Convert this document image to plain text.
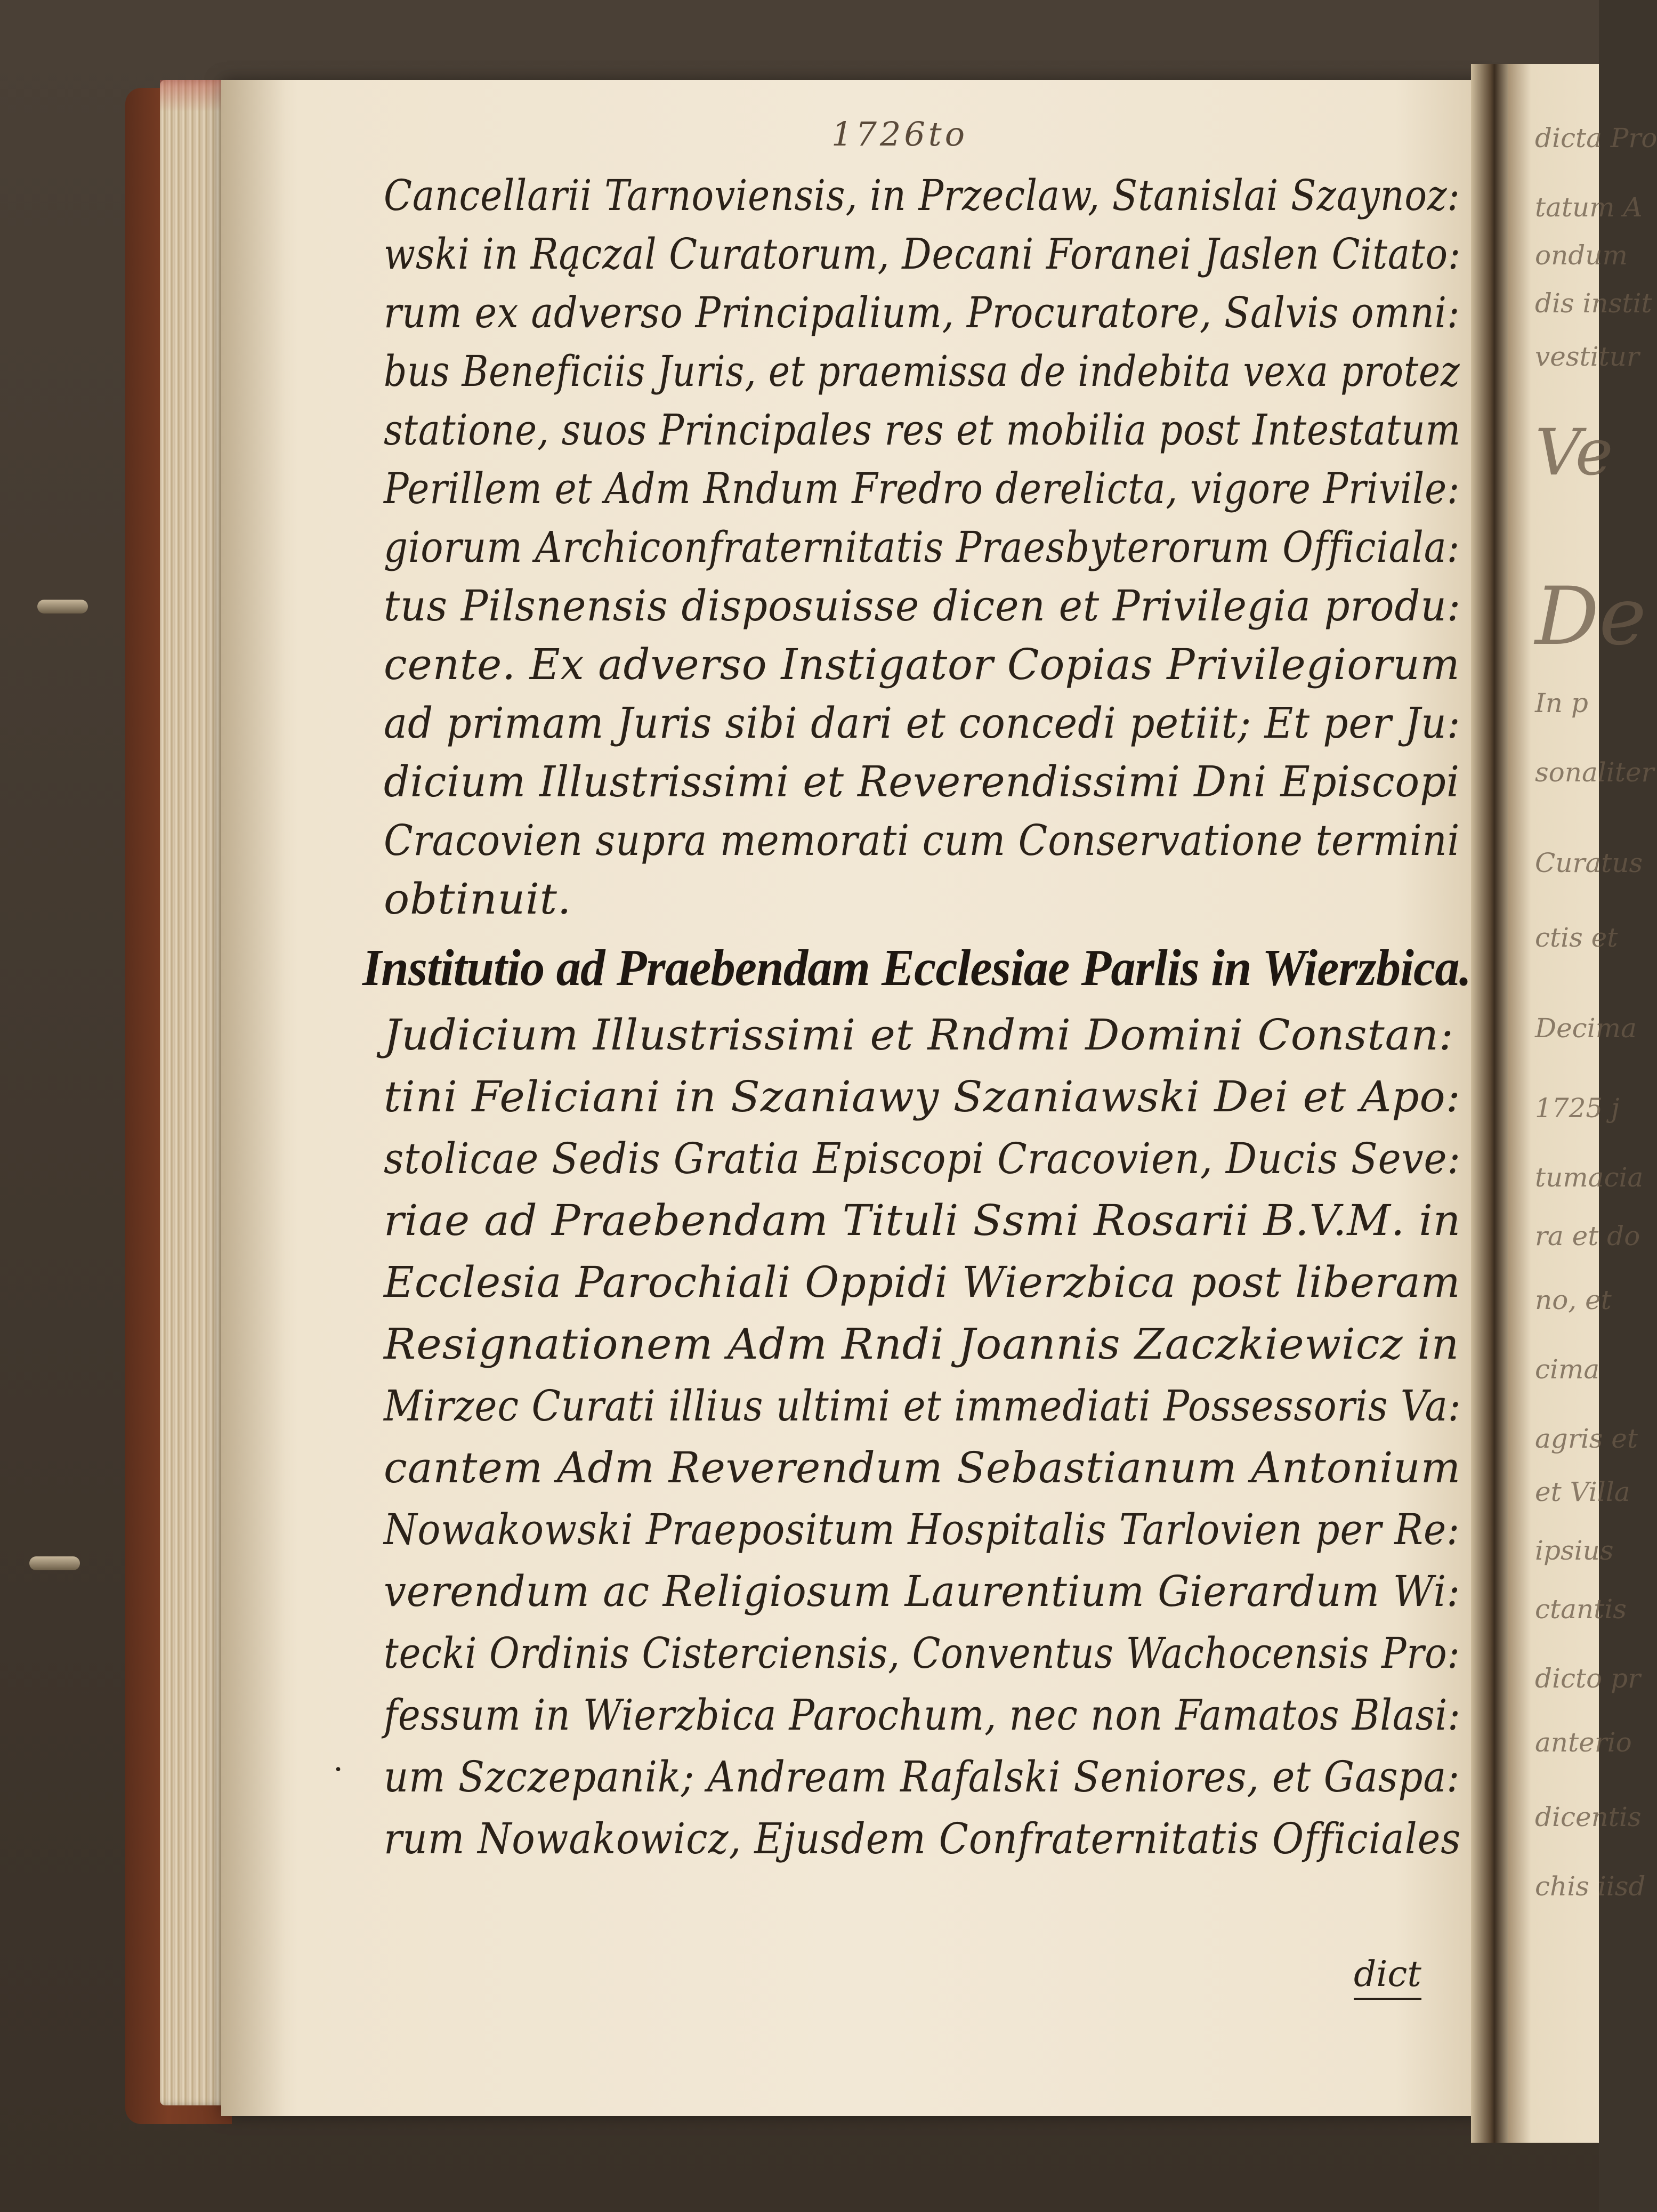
dicta Pro
tatum A
ondum
dis instit
vestitur
Ve
De
In p
sonaliter
Curatus
ctis et
Decima
1725 j
tumacia
ra et do
no, et
cima
agris et
et Villa
ipsius
ctantis
dicto pr
anterio
dicentis
chis iisd
1726to
Cancellarii Tarnoviensis, in Przeclaw, Stanislai Szaynoz:
wski in Rączal Curatorum, Decani Foranei Jaslen Citato:
rum ex adverso Principalium, Procuratore, Salvis omni:
bus Beneficiis Juris, et praemissa de indebita vexa protez
statione, suos Principales res et mobilia post Intestatum
Perillem et Adm Rndum Fredro derelicta, vigore Privile:
giorum Archiconfraternitatis Praesbyterorum Officiala:
tus Pilsnensis disposuisse dicen et Privilegia produ:
cente. Ex adverso Instigator Copias Privilegiorum
ad primam Juris sibi dari et concedi petiit; Et per Ju:
dicium Illustrissimi et Reverendissimi Dni Episcopi
Cracovien supra memorati cum Conservatione termini
obtinuit.
Institutio ad Praebendam Ecclesiae Parlis in Wierzbica.
Judicium Illustrissimi et Rndmi Domini Constan:
tini Feliciani in Szaniawy Szaniawski Dei et Apo:
stolicae Sedis Gratia Episcopi Cracovien, Ducis Seve:
riae ad Praebendam Tituli Ssmi Rosarii B.V.M. in
Ecclesia Parochiali Oppidi Wierzbica post liberam
Resignationem Adm Rndi Joannis Zaczkiewicz in
Mirzec Curati illius ultimi et immediati Possessoris Va:
cantem Adm Reverendum Sebastianum Antonium
Nowakowski Praepositum Hospitalis Tarlovien per Re:
verendum ac Religiosum Laurentium Gierardum Wi:
tecki Ordinis Cisterciensis, Conventus Wachocensis Pro:
fessum in Wierzbica Parochum, nec non Famatos Blasi:
um Szczepanik; Andream Rafalski Seniores, et Gaspa:
rum Nowakowicz, Ejusdem Confraternitatis Officiales
·
dict
